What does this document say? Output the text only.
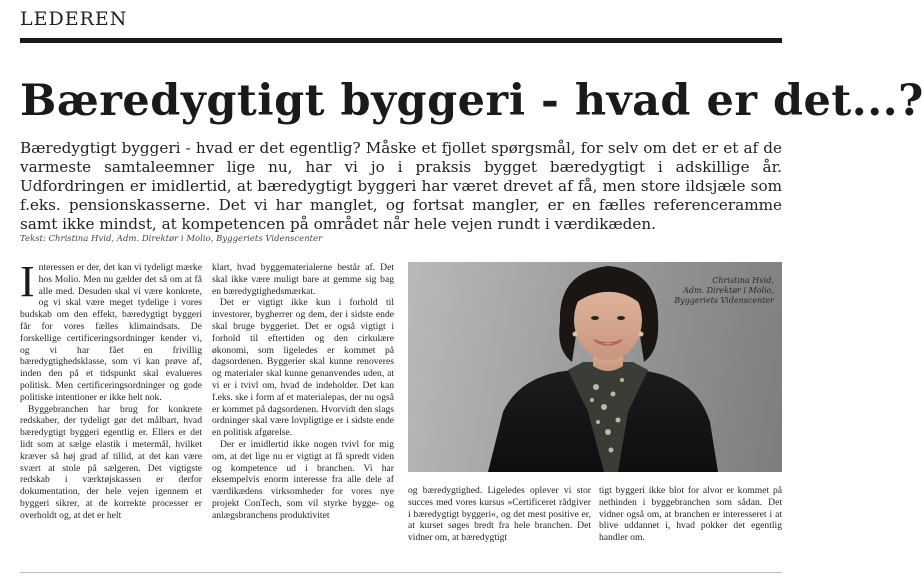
LEDEREN
Bæredygtigt byggeri - hvad er det...?

Bæredygtigt byggeri - hvad er det egentlig? Måske et fjollet spørgsmål, for selv om det er et af de varmeste samtaleemner lige nu, har vi jo i praksis bygget bæredygtigt i adskillige år. Udfordringen er imidlertid, at bæredygtigt byggeri har været drevet af få, men store ildsjæle som f.eks. pensionskasserne. Det vi har manglet, og fortsat mangler, er en fælles referenceramme samt ikke mindst, at kompetencen på området når hele vejen rundt i værdikæden.

Tekst: Christina Hvid, Adm. Direktør i Molio, Byggeriets Videnscenter

Interessen er der, det kan vi tydeligt mærke hos Molio. Men nu gælder det så om at få alle med. Desuden skal vi være konkrete, og vi skal være meget tydelige i vores budskab om den effekt, bæredygtigt byggeri får for vores fælles klimaindsats. De forskellige certificeringsordninger kender vi, og vi har fået en frivillig bæredygtighedsklasse, som vi kan prøve af, inden den på et tidspunkt skal evalueres politisk. Men certificeringsordninger og gode politiske intentioner er ikke helt nok.

Byggebranchen har brug for konkrete redskaber, der tydeligt gør det målbart, hvad bæredygtigt byggeri egentlig er. Ellers er det lidt som at sælge elastik i metermål, hvilket kræver så høj grad af tillid, at det kan være svært at stole på sælgeren. Det vigtigste redskab i værktøjskassen er derfor dokumentation, der hele vejen igennem et byggeri sikrer, at de korrekte processer er overholdt og, at det er helt

klart, hvad byggematerialerne består af. Det skal ikke være muligt bare at gemme sig bag en bæredygtighedsmærkat.

Det er vigtigt ikke kun i forhold til investorer, bygherrer og dem, der i sidste ende skal bruge byggeriet. Det er også vigtigt i forhold til eftertiden og den cirkulære økonomi, som ligeledes er kommet på dagsordenen. Byggerier skal kunne renoveres og materialer skal kunne genanvendes uden, at vi er i tvivl om, hvad de indeholder. Det kan f.eks. ske i form af et materialepas, der nu også er kommet på dagsordenen. Hvorvidt den slags ordninger skal være lovpligtige er i sidste ende en politisk afgørelse.

Der er imidlertid ikke nogen tvivl for mig om, at det lige nu er vigtigt at få spredt viden og kompetence ud i branchen. Vi har eksempelvis enorm interesse fra alle dele af værdikædens virksomheder for vores nye projekt ConTech, som vil styrke bygge- og anlægsbranchens produktivitet

Christina Hvid,
Adm. Direktør i Molio,
Byggeriets Videnscenter

og bæredygtighed. Ligeledes oplever vi stor succes med vores kursus »Certificeret rådgiver i bæredygtigt byggeri«, og det mest positive er, at kurset søges bredt fra hele branchen. Det vidner om, at bæredygtigt

tigt byggeri ikke blot for alvor er kommet på nethinden i byggebranchen som sådan. Det vidner også om, at branchen er interesseret i at blive uddannet i, hvad pokker det egentlig handler om.
